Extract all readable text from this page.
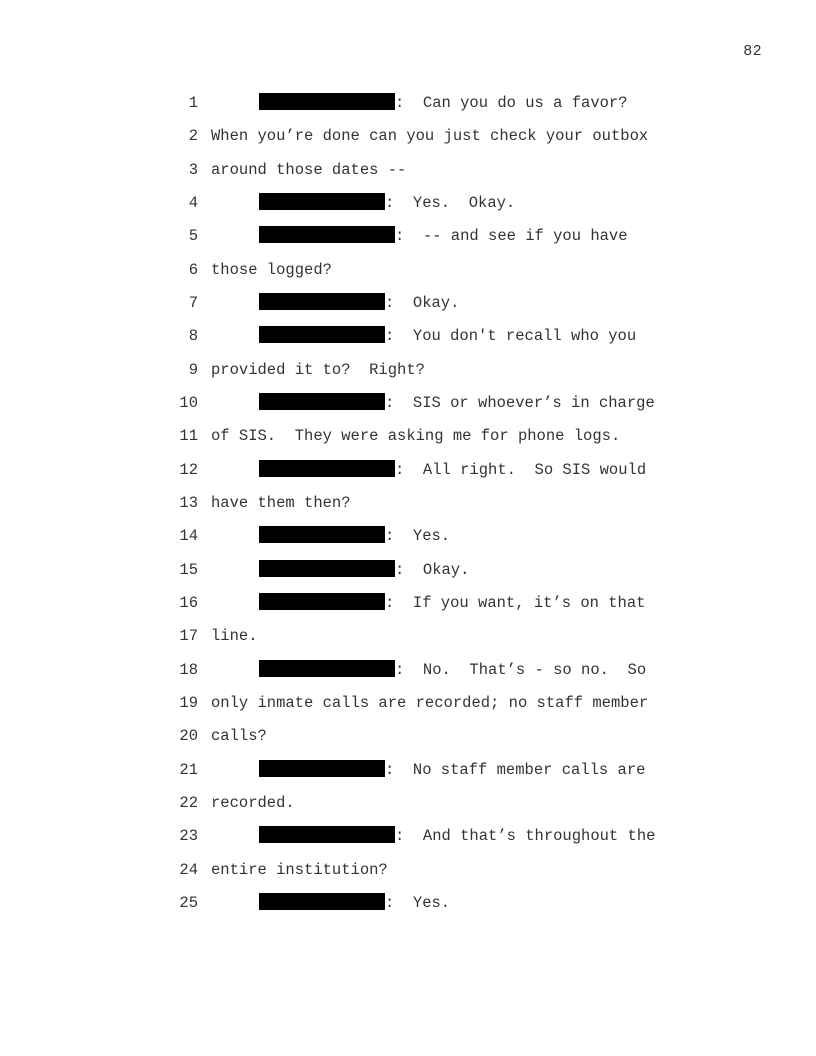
82
1	:  Can you do us a favor?
2 When you’re done can you just check your outbox
3 around those dates --
4	:  Yes.  Okay.
5	:  -- and see if you have
6 those logged?
7	:  Okay.
8	:  You don't recall who you
9 provided it to?  Right?
10	:  SIS or whoever’s in charge
11 of SIS.  They were asking me for phone logs.
12	:  All right.  So SIS would
13 have them then?
14	:  Yes.
15	:  Okay.
16	:  If you want, it’s on that
17 line.
18	:  No.  That’s - so no.  So
19 only inmate calls are recorded; no staff member
20 calls?
21	:  No staff member calls are
22 recorded.
23	:  And that’s throughout the
24 entire institution?
25	:  Yes.
